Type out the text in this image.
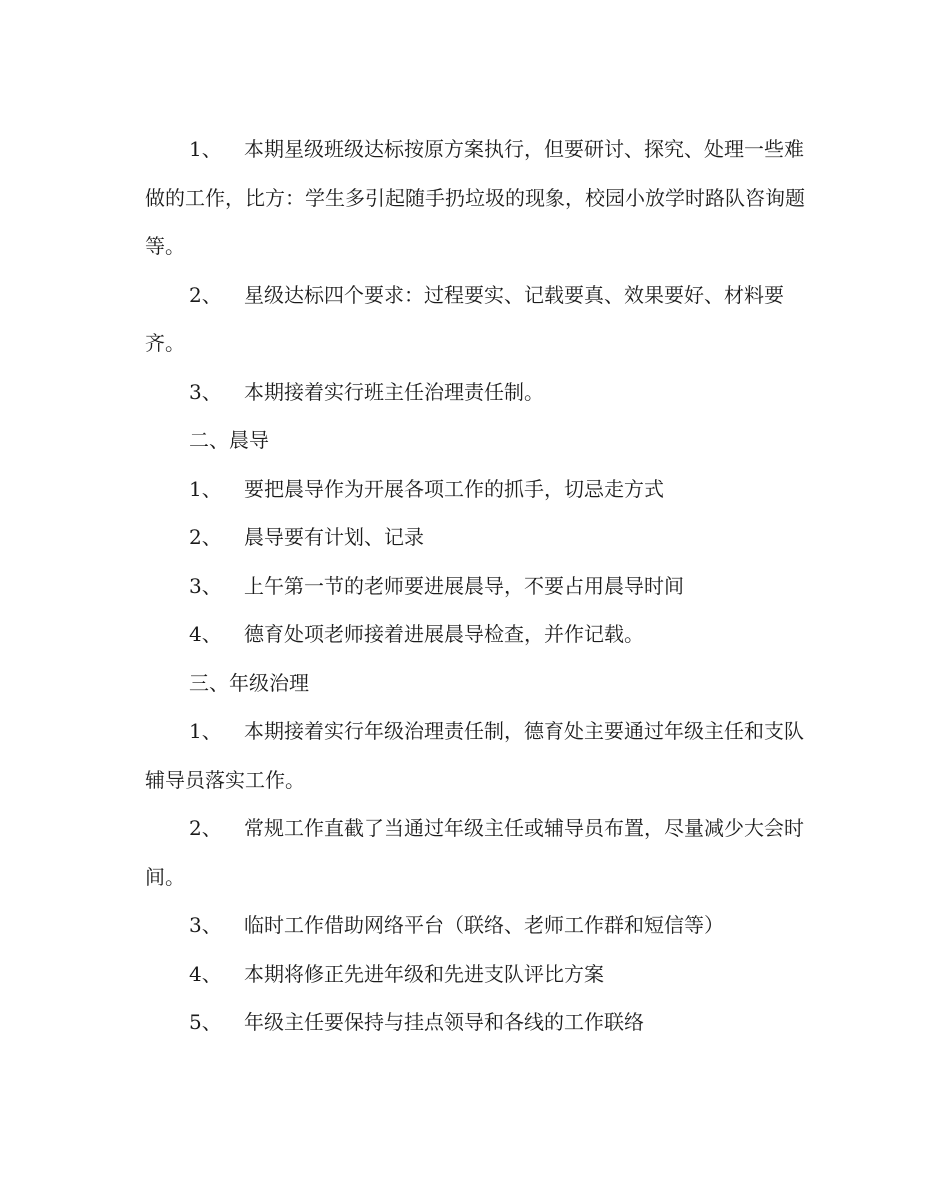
1、 本期星级班级达标按原方案执行，但要研讨、探究、处理一些难做的工作，比方：学生多引起随手扔垃圾的现象，校园小放学时路队咨询题等。

2、 星级达标四个要求：过程要实、记载要真、效果要好、材料要齐。

3、 本期接着实行班主任治理责任制。

二、晨导

1、 要把晨导作为开展各项工作的抓手，切忌走方式

2、 晨导要有计划、记录

3、 上午第一节的老师要进展晨导，不要占用晨导时间

4、 德育处项老师接着进展晨导检查，并作记载。

三、年级治理

1、 本期接着实行年级治理责任制，德育处主要通过年级主任和支队辅导员落实工作。

2、 常规工作直截了当通过年级主任或辅导员布置，尽量减少大会时间。

3、 临时工作借助网络平台（联络、老师工作群和短信等）

4、 本期将修正先进年级和先进支队评比方案

5、 年级主任要保持与挂点领导和各线的工作联络
